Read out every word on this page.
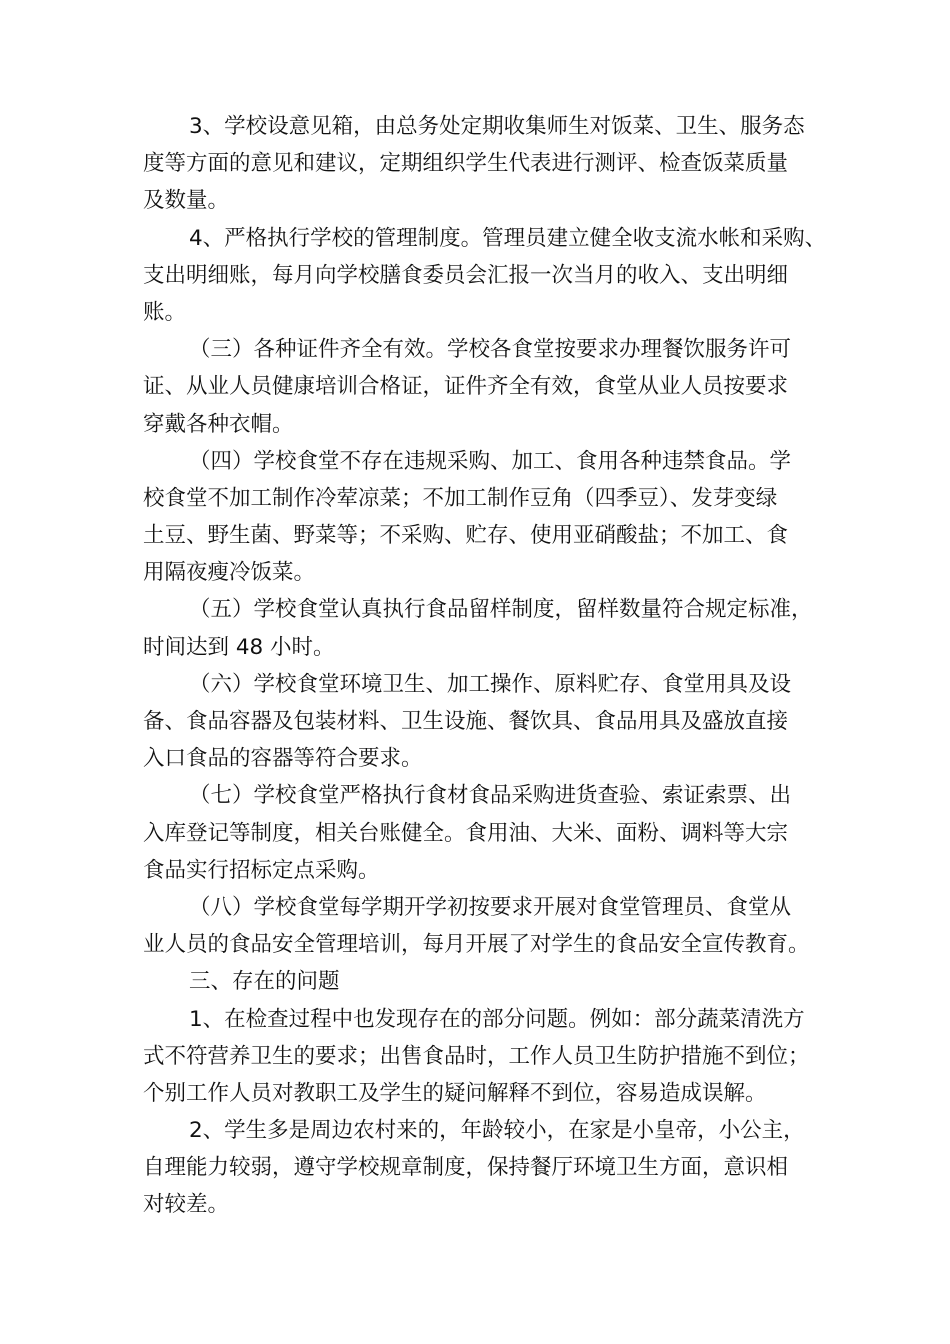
3、学校设意见箱，由总务处定期收集师生对饭菜、卫生、服务态
度等方面的意见和建议，定期组织学生代表进行测评、检查饭菜质量
及数量。
4、严格执行学校的管理制度。管理员建立健全收支流水帐和采购、
支出明细账，每月向学校膳食委员会汇报一次当月的收入、支出明细
账。
（三）各种证件齐全有效。学校各食堂按要求办理餐饮服务许可
证、从业人员健康培训合格证，证件齐全有效，食堂从业人员按要求
穿戴各种衣帽。
（四）学校食堂不存在违规采购、加工、食用各种违禁食品。学
校食堂不加工制作冷荤凉菜；不加工制作豆角（四季豆）、发芽变绿
土豆、野生菌、野菜等；不采购、贮存、使用亚硝酸盐；不加工、食
用隔夜瘦冷饭菜。
（五）学校食堂认真执行食品留样制度，留样数量符合规定标准，
时间达到 48 小时。
（六）学校食堂环境卫生、加工操作、原料贮存、食堂用具及设
备、食品容器及包装材料、卫生设施、餐饮具、食品用具及盛放直接
入口食品的容器等符合要求。
（七）学校食堂严格执行食材食品采购进货查验、索证索票、出
入库登记等制度，相关台账健全。食用油、大米、面粉、调料等大宗
食品实行招标定点采购。
（八）学校食堂每学期开学初按要求开展对食堂管理员、食堂从
业人员的食品安全管理培训，每月开展了对学生的食品安全宣传教育。
三、存在的问题
1、在检查过程中也发现存在的部分问题。例如：部分蔬菜清洗方
式不符营养卫生的要求；出售食品时，工作人员卫生防护措施不到位；
个别工作人员对教职工及学生的疑问解释不到位，容易造成误解。
2、学生多是周边农村来的，年龄较小，在家是小皇帝，小公主，
自理能力较弱，遵守学校规章制度，保持餐厅环境卫生方面，意识相
对较差。
